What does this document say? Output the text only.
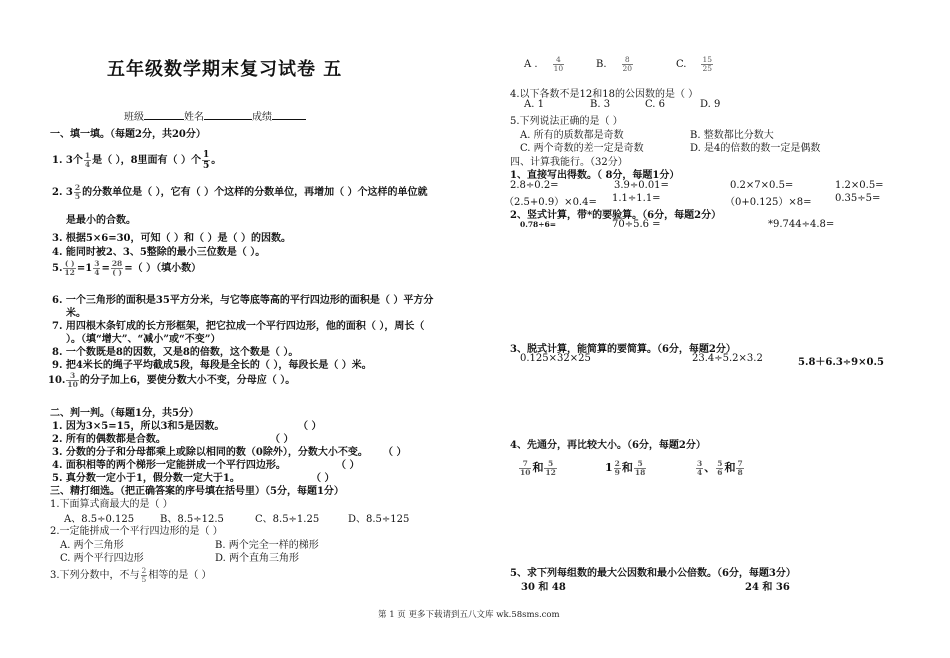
五年级数学期末复习试卷 五
班级	姓名	成绩
一、填一填。（每题2分，共20分）
1. 3个 $\frac{1}{4}$ 是（ ），8里面有（ ）个 $\frac{1}{5}$ 。
2. $3 \frac{2}{5}$ 的分数单位是（ ），它有（ ）个这样的分数单位，再增加（ ）个这样的单位就
是最小的合数。
3. 根据5×6=30，可知（ ）和（ ）是（ ）的因数。
4. 能同时被2、3、5整除的最小三位数是（ ）。
5. $\frac{( )}{12} =1 \frac{3}{4} = \frac{28}{( )}$ =（ ）（填小数）
6. 一个三角形的面积是35平方分米，与它等底等高的平行四边形的面积是（ ）平方分
米。
7. 用四根木条钉成的长方形框架，把它拉成一个平行四边形，他的面积（ ），周长（
）。（填“增大”、“减小”或“不变”）
8. 一个数既是8的因数，又是8的倍数，这个数是（ ）。
9. 把4米长的绳子平均截成5段，每段是全长的（ ），每段长是（ ）米。
10. $\frac{3}{10}$ 的分子加上6，要使分数大小不变，分母应（ ）。
二、判一判。（每题1分，共5分）
1. 因为3×5=15，所以3和5是因数。	（ ）
2. 所有的偶数都是合数。	（ ）
3. 分数的分子和分母都乘上或除以相同的数（0除外），分数大小不变。 （ ）
4. 面积相等的两个梯形一定能拼成一个平行四边形。	（ ）
5. 真分数一定小于1，假分数一定大于1。	（ ）
三、精打细选。（把正确答案的序号填在括号里）（5分，每题1分）
1.下面算式商最大的是（ ）
A、8.5÷0.125	B、8.5÷12.5	C、8.5÷1.25	D、8.5÷125
2.一定能拼成一个平行四边形的是（ ）
A. 两个三角形	B. 两个完全一样的梯形
C. 两个平行四边形	D. 两个直角三角形
3.下列分数中，不与 $\frac{2}{5}$ 相等的是（ ）
A . $\frac{4}{10}$	B. $\frac{8}{20}$	C. $\frac{15}{25}$
4.以下各数不是12和18的公因数的是（ ）
A. 1	B. 3	C. 6	D. 9
5.下列说法正确的是（ ）
A. 所有的质数都是奇数	B. 整数都比分数大
C. 两个奇数的差一定是奇数	D. 是4的倍数的数一定是偶数
四、计算我能行。（32分）
1、直接写出得数。（ 8分，每题1分）
2.8÷0.2=	3.9÷0.01=	0.2×7×0.5=	1.2×0.5=
（2.5+0.9）×0.4= 1.1÷1.1=	（0+0.125）×8= 0.35÷5=
2、竖式计算，带*的要验算。（6分，每题2分）
0.78÷6=	70÷5.6 =	*9.744÷4.8=
3、脱式计算，能简算的要简算。（6分，每题2分）
0.125×32×25	23.4÷5.2×3.2	5.8＋6.3÷9×0.5
4、先通分，再比较大小。（6分，每题2分）
$\frac{7}{10}$ 和 $\frac{5}{12}$	$1 \frac{2}{9}$ 和 $\frac{5}{18}$	$\frac{3}{4}$ 、 $\frac{5}{6}$ 和 $\frac{7}{8}$
5、求下列每组数的最大公因数和最小公倍数。（6分，每题3分）
30 和 48	24 和 36
第 1 页 更多下载请到五八文库 wk.58sms.com
